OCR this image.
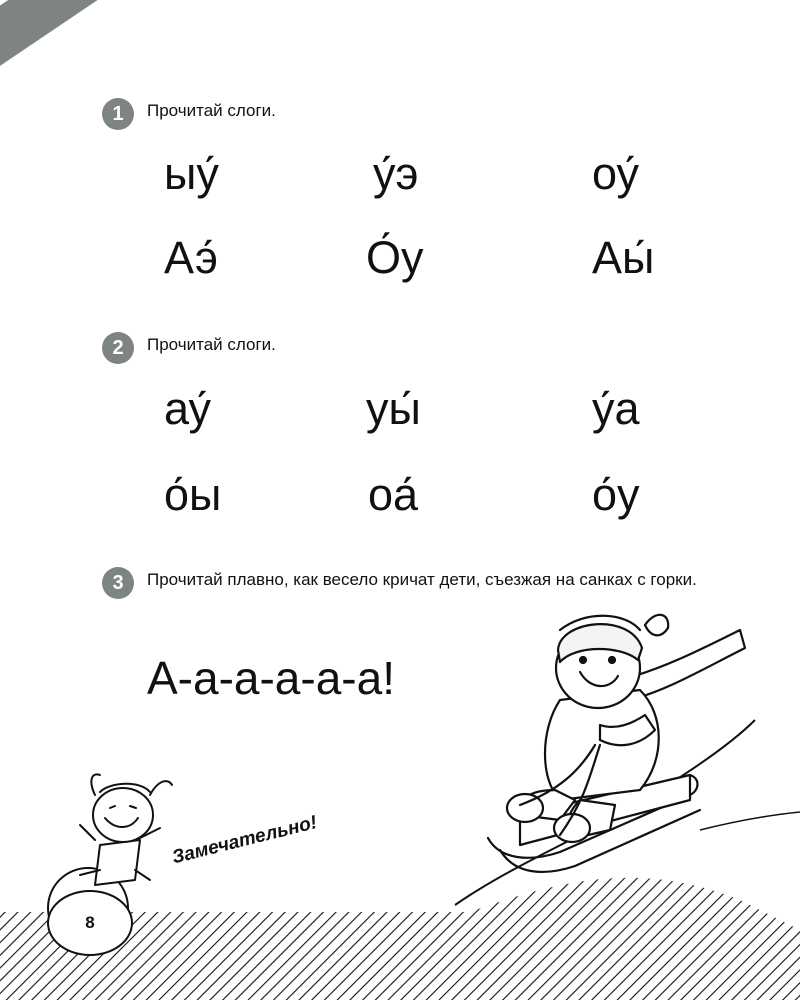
1	Прочитай слоги.
ыу́	у́э	оу́
Аэ́	О́у	Аы́
2	Прочитай слоги.
ау́	уы́	у́а
о́ы	оа́	о́у
3	Прочитай плавно, как весело кричат дети, съезжая на санках с горки.
А-а-а-а-а-а!
Замечательно!
8
